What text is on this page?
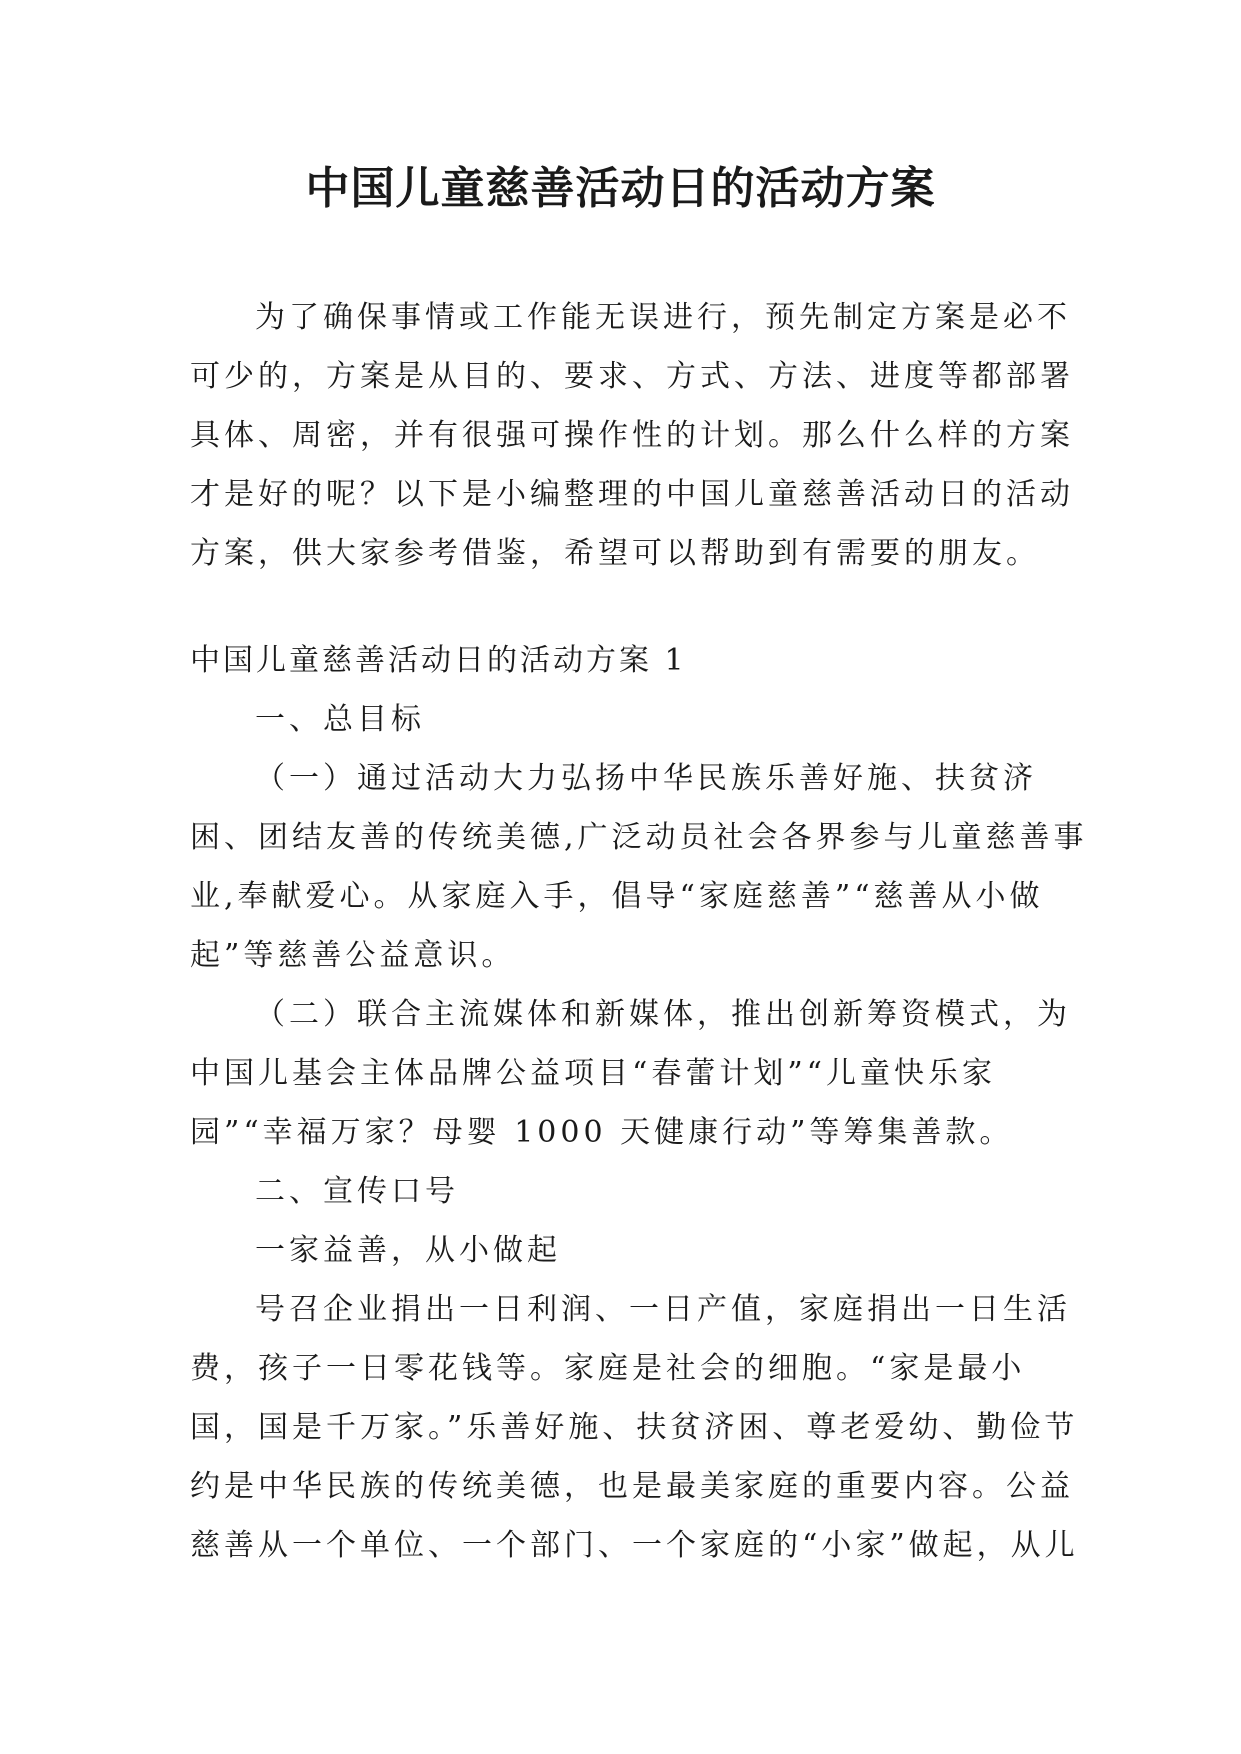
中国儿童慈善活动日的活动方案

为了确保事情或工作能无误进行，预先制定方案是必不可少的，方案是从目的、要求、方式、方法、进度等都部署具体、周密，并有很强可操作性的计划。那么什么样的方案才是好的呢？以下是小编整理的中国儿童慈善活动日的活动方案，供大家参考借鉴，希望可以帮助到有需要的朋友。

中国儿童慈善活动日的活动方案 1

一、总目标

（一）通过活动大力弘扬中华民族乐善好施、扶贫济困、团结友善的传统美德,广泛动员社会各界参与儿童慈善事业,奉献爱心。从家庭入手，倡导“家庭慈善”“慈善从小做起”等慈善公益意识。

（二）联合主流媒体和新媒体，推出创新筹资模式，为中国儿基会主体品牌公益项目“春蕾计划”“儿童快乐家园”“幸福万家？母婴 1000 天健康行动”等筹集善款。

二、宣传口号

一家益善，从小做起

号召企业捐出一日利润、一日产值，家庭捐出一日生活费，孩子一日零花钱等。家庭是社会的细胞。“家是最小国，国是千万家。”乐善好施、扶贫济困、尊老爱幼、勤俭节约是中华民族的传统美德，也是最美家庭的重要内容。公益慈善从一个单位、一个部门、一个家庭的“小家”做起，从儿
